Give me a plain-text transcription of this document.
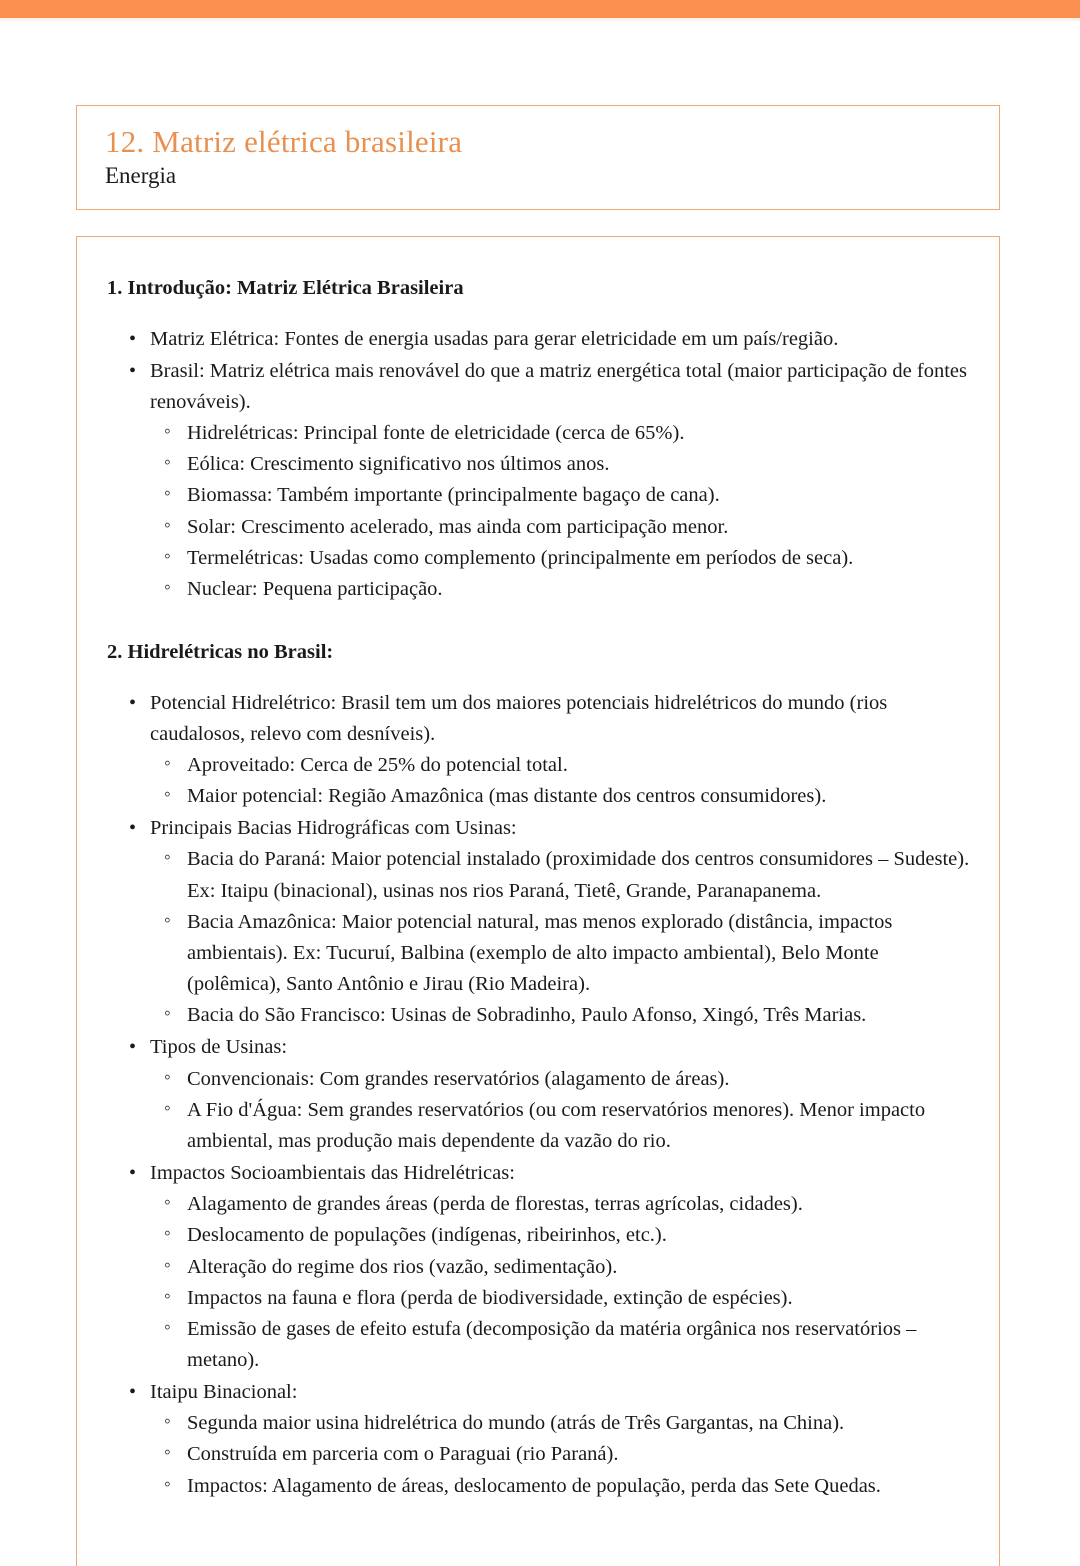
12. Matriz elétrica brasileira
Energia
1. Introdução: Matriz Elétrica Brasileira
• Matriz Elétrica: Fontes de energia usadas para gerar eletricidade em um país/região.
• Brasil: Matriz elétrica mais renovável do que a matriz energética total (maior participação de fontes renováveis).
◦ Hidrelétricas: Principal fonte de eletricidade (cerca de 65%).
◦ Eólica: Crescimento significativo nos últimos anos.
◦ Biomassa: Também importante (principalmente bagaço de cana).
◦ Solar: Crescimento acelerado, mas ainda com participação menor.
◦ Termelétricas: Usadas como complemento (principalmente em períodos de seca).
◦ Nuclear: Pequena participação.
2. Hidrelétricas no Brasil:
• Potencial Hidrelétrico: Brasil tem um dos maiores potenciais hidrelétricos do mundo (rios caudalosos, relevo com desníveis).
◦ Aproveitado: Cerca de 25% do potencial total.
◦ Maior potencial: Região Amazônica (mas distante dos centros consumidores).
• Principais Bacias Hidrográficas com Usinas:
◦ Bacia do Paraná: Maior potencial instalado (proximidade dos centros consumidores – Sudeste). Ex: Itaipu (binacional), usinas nos rios Paraná, Tietê, Grande, Paranapanema.
◦ Bacia Amazônica: Maior potencial natural, mas menos explorado (distância, impactos ambientais). Ex: Tucuruí, Balbina (exemplo de alto impacto ambiental), Belo Monte (polêmica), Santo Antônio e Jirau (Rio Madeira).
◦ Bacia do São Francisco: Usinas de Sobradinho, Paulo Afonso, Xingó, Três Marias.
• Tipos de Usinas:
◦ Convencionais: Com grandes reservatórios (alagamento de áreas).
◦ A Fio d'Água: Sem grandes reservatórios (ou com reservatórios menores). Menor impacto ambiental, mas produção mais dependente da vazão do rio.
• Impactos Socioambientais das Hidrelétricas:
◦ Alagamento de grandes áreas (perda de florestas, terras agrícolas, cidades).
◦ Deslocamento de populações (indígenas, ribeirinhos, etc.).
◦ Alteração do regime dos rios (vazão, sedimentação).
◦ Impactos na fauna e flora (perda de biodiversidade, extinção de espécies).
◦ Emissão de gases de efeito estufa (decomposição da matéria orgânica nos reservatórios – metano).
• Itaipu Binacional:
◦ Segunda maior usina hidrelétrica do mundo (atrás de Três Gargantas, na China).
◦ Construída em parceria com o Paraguai (rio Paraná).
◦ Impactos: Alagamento de áreas, deslocamento de população, perda das Sete Quedas.
